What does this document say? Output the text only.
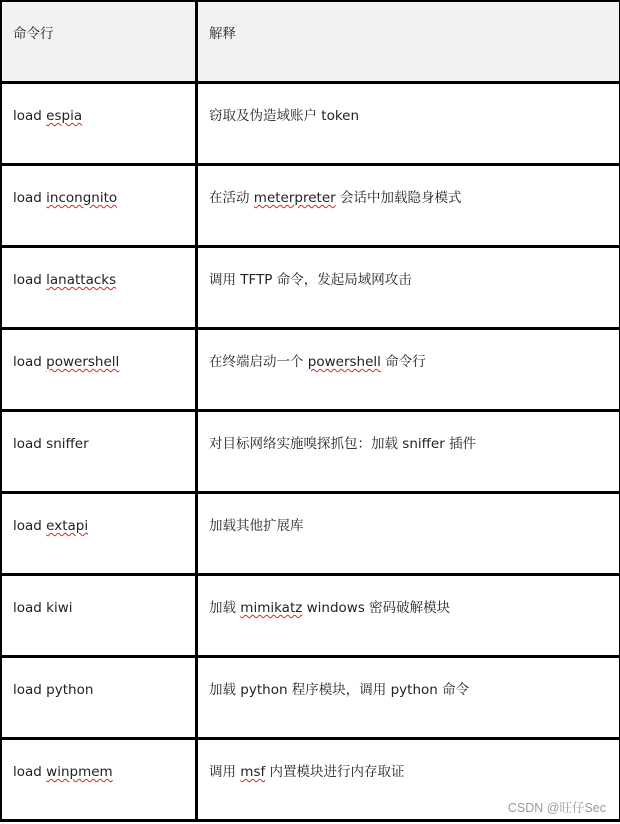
命令行	解释
load espia	窃取及伪造域账户 token
load incongnito	在活动 meterpreter 会话中加载隐身模式
load lanattacks	调用 TFTP 命令，发起局域网攻击
load powershell	在终端启动一个 powershell 命令行
load sniffer	对目标网络实施嗅探抓包：加载 sniffer 插件
load extapi	加载其他扩展库
load kiwi	加载 mimikatz windows 密码破解模块
load python	加载 python 程序模块，调用 python 命令
load winpmem	调用 msf 内置模块进行内存取证
CSDN @旺仔Sec
